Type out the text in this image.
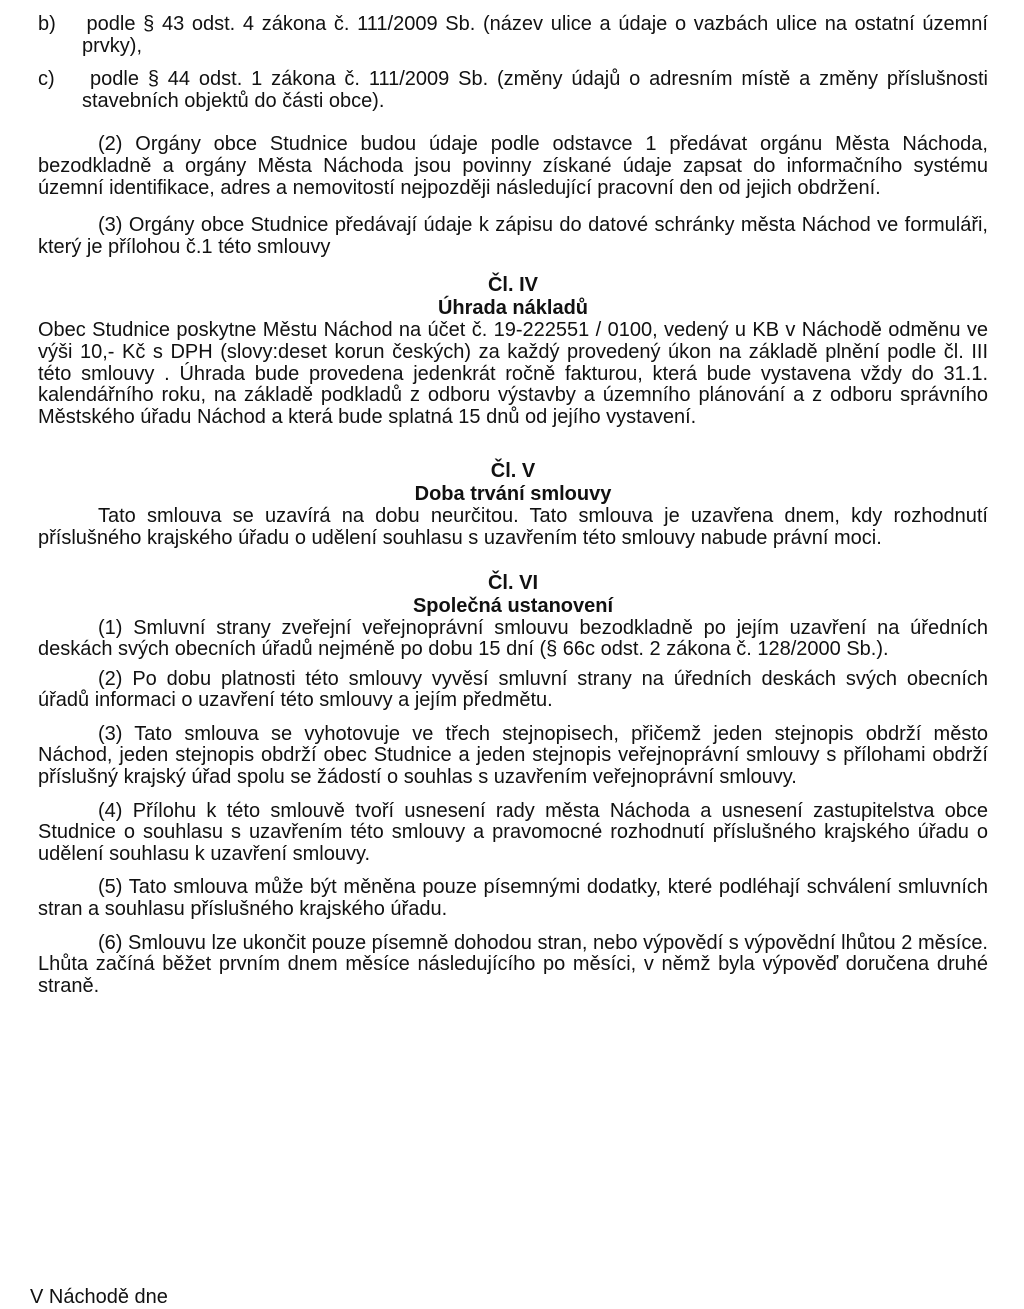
b)    podle § 43 odst. 4 zákona č. 111/2009 Sb. (název ulice a údaje o vazbách ulice na ostatní územní prvky),

c)    podle § 44 odst. 1 zákona č. 111/2009 Sb. (změny údajů o adresním místě a změny příslušnosti stavebních objektů do části obce).

(2) Orgány obce Studnice budou údaje podle odstavce 1 předávat orgánu Města Náchoda, bezodkladně a orgány Města Náchoda jsou povinny získané údaje zapsat do informačního systému územní identifikace, adres a nemovitostí nejpozději následující pracovní den od jejich obdržení.

(3) Orgány obce Studnice předávají údaje k zápisu do datové schránky města Náchod ve formuláři, který je přílohou č.1 této smlouvy

Čl. IV

Úhrada nákladů

Obec Studnice poskytne Městu Náchod na účet č. 19-222551 / 0100, vedený u KB v Náchodě odměnu ve výši 10,- Kč s DPH (slovy:deset korun českých) za každý provedený úkon na základě plnění podle čl. III této smlouvy . Úhrada bude provedena jedenkrát ročně fakturou, která bude vystavena vždy do 31.1. kalendářního roku, na základě podkladů z odboru výstavby a územního plánování a z odboru správního Městského úřadu Náchod a která bude splatná 15 dnů od jejího vystavení.

Čl. V

Doba trvání smlouvy

Tato smlouva se uzavírá na dobu neurčitou. Tato smlouva je uzavřena dnem, kdy rozhodnutí příslušného krajského úřadu o udělení souhlasu s uzavřením této smlouvy nabude právní moci.

Čl. VI

Společná ustanovení

(1) Smluvní strany zveřejní veřejnoprávní smlouvu bezodkladně po jejím uzavření na úředních deskách svých obecních úřadů nejméně po dobu 15 dní (§ 66c odst. 2 zákona č. 128/2000 Sb.).

(2) Po dobu platnosti této smlouvy vyvěsí smluvní strany na úředních deskách svých obecních úřadů informaci o uzavření této smlouvy a jejím předmětu.

(3) Tato smlouva se vyhotovuje ve třech stejnopisech, přičemž jeden stejnopis obdrží město Náchod, jeden stejnopis obdrží obec Studnice a jeden stejnopis veřejnoprávní smlouvy s přílohami obdrží příslušný krajský úřad spolu se žádostí o souhlas s uzavřením veřejnoprávní smlouvy.

(4) Přílohu k této smlouvě tvoří usnesení rady města Náchoda a usnesení zastupitelstva obce Studnice o souhlasu s uzavřením této smlouvy a pravomocné rozhodnutí příslušného krajského úřadu o udělení souhlasu k uzavření smlouvy.

(5) Tato smlouva může být měněna pouze písemnými dodatky, které podléhají schválení smluvních stran a souhlasu příslušného krajského úřadu.

(6) Smlouvu lze ukončit pouze písemně dohodou stran, nebo výpovědí s výpovědní lhůtou 2 měsíce. Lhůta začíná běžet prvním dnem měsíce následujícího po měsíci, v němž byla výpověď doručena druhé straně.

V Náchodě dne
